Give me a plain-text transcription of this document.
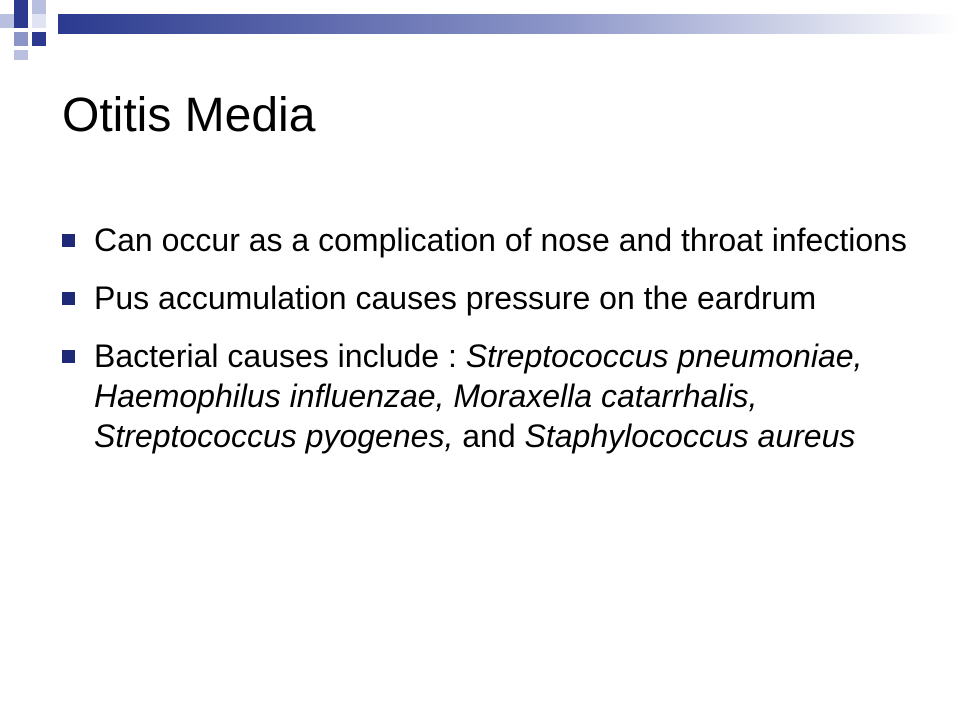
Otitis Media
Can occur as a complication of nose and throat infections
Pus accumulation causes pressure on the eardrum
Bacterial causes include : Streptococcus pneumoniae, Haemophilus influenzae, Moraxella catarrhalis, Streptococcus pyogenes, and Staphylococcus aureus
